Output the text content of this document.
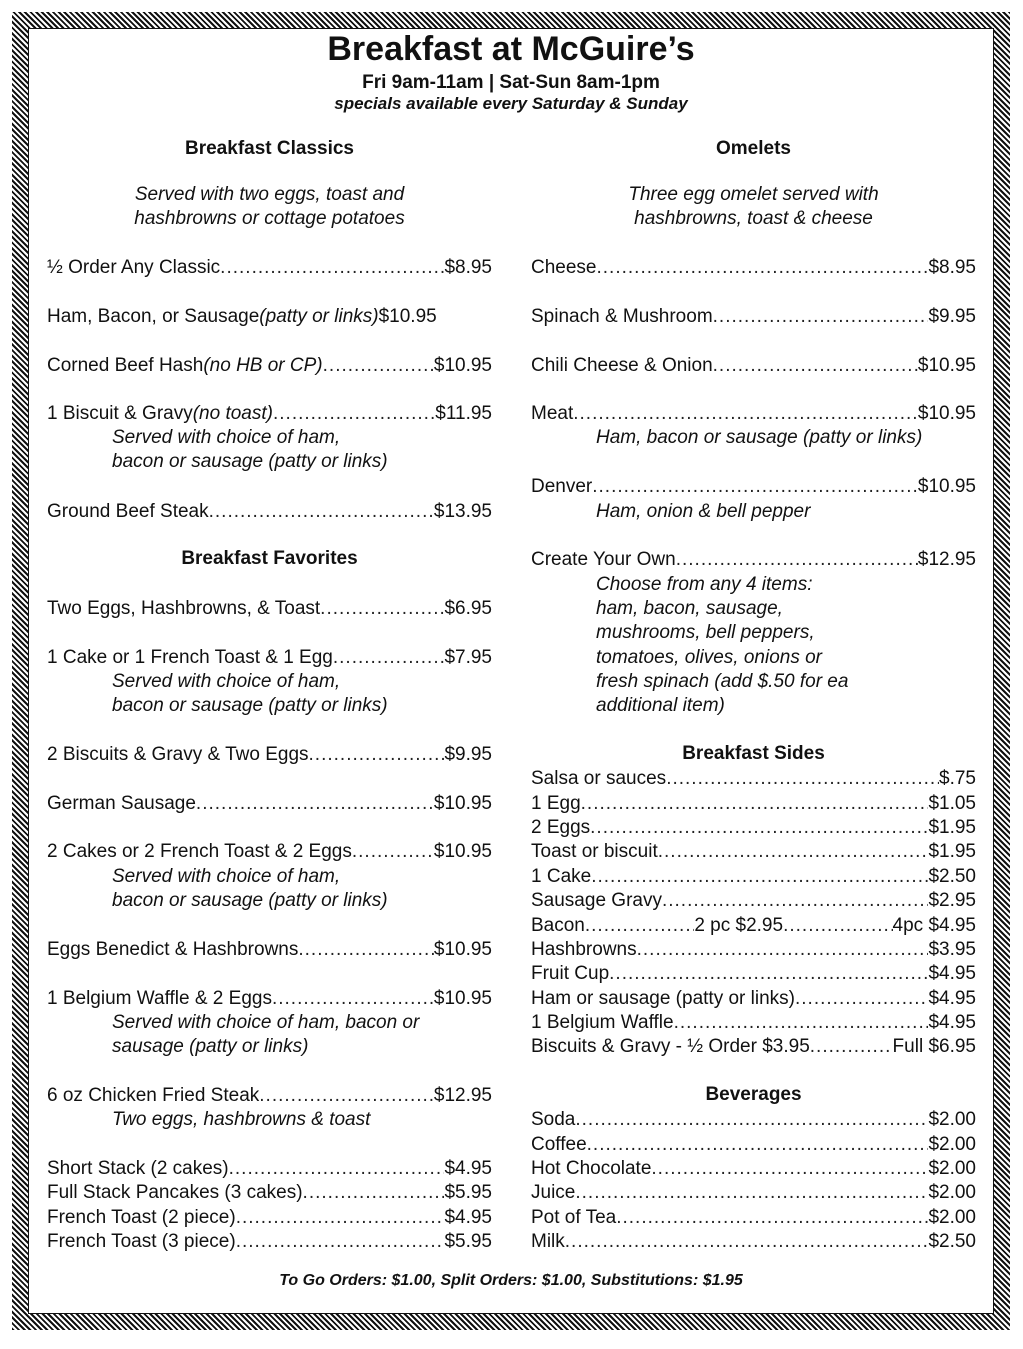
Breakfast at McGuire’s
Fri 9am-11am | Sat-Sun 8am-1pm
specials available every Saturday & Sunday
Breakfast Classics
Served with two eggs, toast and
hashbrowns or cottage potatoes
½ Order Any Classic .....	$8.95
Ham, Bacon, or Sausage (patty or links) $10.95
Corned Beef Hash (no HB or CP) .....	$10.95
1 Biscuit & Gravy (no toast) .....	$11.95
Served with choice of ham,
bacon or sausage (patty or links)
Ground Beef Steak .....	$13.95
Breakfast Favorites
Two Eggs, Hashbrowns, & Toast .....	$6.95
1 Cake or 1 French Toast & 1 Egg .....	$7.95
Served with choice of ham,
bacon or sausage (patty or links)
2 Biscuits & Gravy & Two Eggs .....	$9.95
German Sausage .....	$10.95
2 Cakes or 2 French Toast & 2 Eggs .....	$10.95
Served with choice of ham,
bacon or sausage (patty or links)
Eggs Benedict & Hashbrowns .....	$10.95
1 Belgium Waffle & 2 Eggs .....	$10.95
Served with choice of ham, bacon or
sausage (patty or links)
6 oz Chicken Fried Steak .....	$12.95
Two eggs, hashbrowns & toast
Short Stack (2 cakes) .....	$4.95
Full Stack Pancakes (3 cakes) .....	$5.95
French Toast (2 piece) .....	$4.95
French Toast (3 piece) .....	$5.95
Omelets
Three egg omelet served with
hashbrowns, toast & cheese
Cheese .....	$8.95
Spinach & Mushroom .....	$9.95
Chili Cheese & Onion .....	$10.95
Meat .....	$10.95
Ham, bacon or sausage (patty or links)
Denver .....	$10.95
Ham, onion & bell pepper
Create Your Own .....	$12.95
Choose from any 4 items:
ham, bacon, sausage,
mushrooms, bell peppers,
tomatoes, olives, onions or
fresh spinach (add $.50 for ea
additional item)
Breakfast Sides
Salsa or sauces .....	$.75
1 Egg .....	$1.05
2 Eggs .....	$1.95
Toast or biscuit .....	$1.95
1 Cake .....	$2.50
Sausage Gravy .....	$2.95
Bacon .....	2 pc $2.95 .....	4pc $4.95
Hashbrowns .....	$3.95
Fruit Cup .....	$4.95
Ham or sausage (patty or links) .....	$4.95
1 Belgium Waffle .....	$4.95
Biscuits & Gravy - ½ Order $3.95 .....	Full $6.95
Beverages
Soda .....	$2.00
Coffee .....	$2.00
Hot Chocolate .....	$2.00
Juice .....	$2.00
Pot of Tea .....	$2.00
Milk .....	$2.50
To Go Orders: $1.00, Split Orders: $1.00, Substitutions: $1.95
